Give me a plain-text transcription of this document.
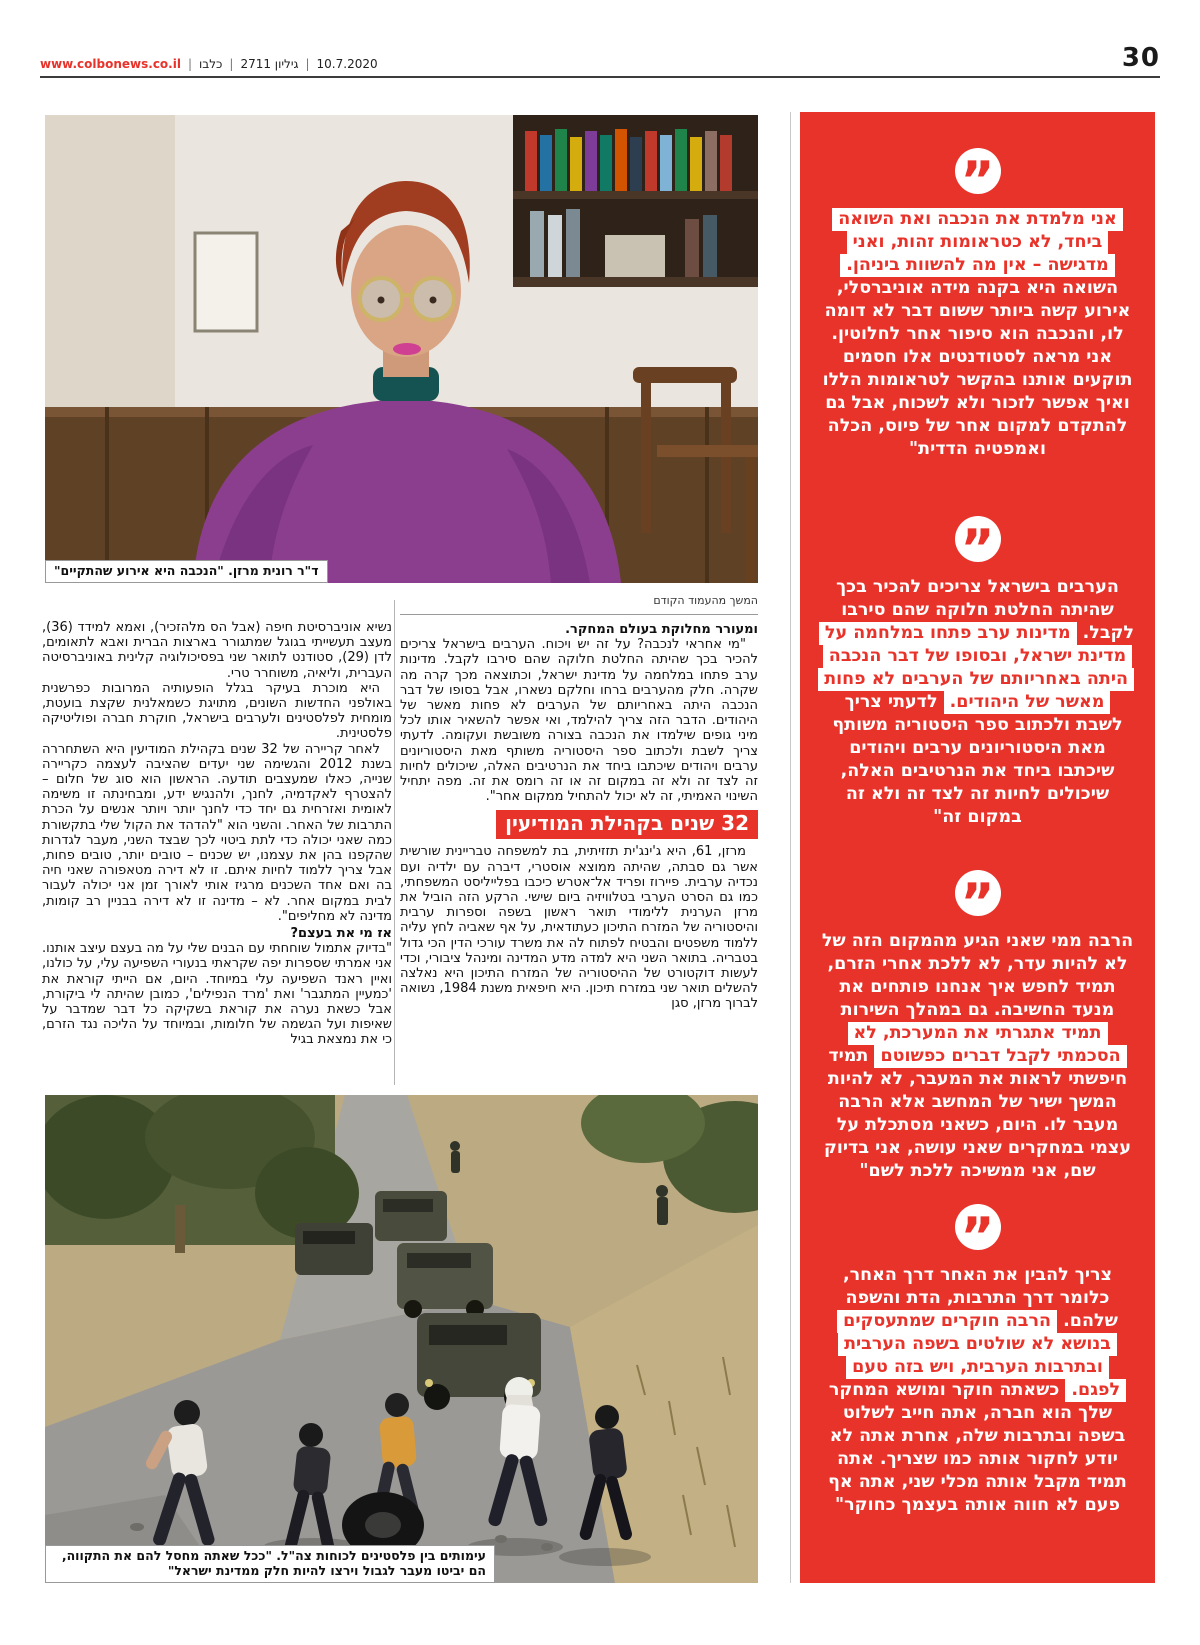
www.colbonews.co.il | כלבו | גיליון 2711 | 10.7.2020	30
ד"ר רונית מרזן. "הנכבה היא אירוע שהתקיים"
המשך מהעמוד הקודם

ומעורר מחלוקת בעולם המחקר.

"מי אחראי לנכבה? על זה יש ויכוח. הערבים בישראל צריכים להכיר בכך שהיתה החלטת חלוקה שהם סירבו לקבל. מדינות ערב פתחו במלחמה על מדינת ישראל, וכתוצאה מכך קרה מה שקרה. חלק מהערבים ברחו וחלקם נשארו, אבל בסופו של דבר הנכבה היתה באחריותם של הערבים לא פחות מאשר של היהודים. הדבר הזה צריך להילמד, ואי אפשר להשאיר אותו לכל מיני גופים שילמדו את הנכבה בצורה משובשת ועקומה. לדעתי צריך לשבת ולכתוב ספר היסטוריה משותף מאת היסטוריונים ערבים ויהודים שיכתבו ביחד את הנרטיבים האלה, שיכולים לחיות זה לצד זה ולא זה במקום זה או זה רומס את זה. מפה יתחיל השינוי האמיתי, זה לא יכול להתחיל ממקום אחר".

32 שנים בקהילת המודיעין

מרזן, 61, היא ג'ינג'ית תזזיתית, בת למשפחה טבריינית שורשית אשר גם סבתה, שהיתה ממוצא אוסטרי, דיברה עם ילדיה ועם נכדיה ערבית. פיירוז ופריד אל־אטרש כיכבו בפלייליסט המשפחתי, כמו גם הסרט הערבי בטלוויזיה ביום שישי. הרקע הזה הוביל את מרזן הערנית ללימודי תואר ראשון בשפה וספרות ערבית והיסטוריה של המזרח התיכון כעתודאית, על אף שאביה לחץ עליה ללמוד משפטים והבטיח לפתוח לה את משרד עורכי הדין הכי גדול בטבריה. בתואר השני היא למדה מדע המדינה ומינהל ציבורי, וכדי לעשות דוקטורט של ההיסטוריה של המזרח התיכון היא נאלצה להשלים תואר שני במזרח תיכון. היא חיפאית משנת 1984, נשואה לברוך מרזן, סגן

נשיא אוניברסיטת חיפה (אבל הס מלהזכיר), ואמא למידד (36), מעצב תעשייתי בגוגל שמתגורר בארצות הברית ואבא לתאומים, לדן (29), סטודנט לתואר שני בפסיכולוגיה קלינית באוניברסיטה העברית, וליאיה, משוחרר טרי.

היא מוכרת בעיקר בגלל הופעותיה המרובות כפרשנית באולפני החדשות השונים, מתויגת כשמאלנית שקצת בועטת, מומחית לפלסטינים ולערבים בישראל, חוקרת חברה ופוליטיקה פלסטינית.

לאחר קריירה של 32 שנים בקהילת המודיעין היא השתחררה בשנת 2012 והגשימה שני יעדים שהציבה לעצמה כקריירה שנייה, כאלו שמעצבים תודעה. הראשון הוא סוג של חלום – להצטרף לאקדמיה, לחנך, ולהנגיש ידע, ומבחינתה זו משימה לאומית ואזרחית גם יחד כדי לחנך יותר ויותר אנשים על הכרת התרבות של האחר. והשני הוא "להדהד את הקול שלי בתקשורת כמה שאני יכולה כדי לתת ביטוי לכך שבצד השני, מעבר לגדרות שהקפנו בהן את עצמנו, יש שכנים – טובים יותר, טובים פחות, אבל צריך ללמוד לחיות איתם. זו לא דירה מטאפורה שאני חיה בה ואם אחד השכנים מרגיז אותי לאורך זמן אני יכולה לעבור לבית במקום אחר. לא – מדינה זו לא דירה בבניין רב קומות, מדינה לא מחליפים".

אז מי את בעצם?

"בדיוק אתמול שוחחתי עם הבנים שלי על מה בעצם עיצב אותנו. אני אמרתי שספרות יפה שקראתי בנעורי השפיעה עלי, על כולנו, ואיין ראנד השפיעה עלי במיוחד. היום, אם הייתי קוראת את 'כמעיין המתגבר' ואת 'מרד הנפילים', כמובן שהיתה לי ביקורת, אבל כשאת נערה את קוראת בשקיקה כל דבר שמדבר על שאיפות ועל הגשמה של חלומות, ובמיוחד על הליכה נגד הזרם, כי את נמצאת בגיל

עימותים בין פלסטינים לכוחות צה"ל. "ככל שאתה מחסל להם את התקווה, הם יביטו מעבר לגבול וירצו להיות חלק ממדינת ישראל"
”

אני מלמדת את הנכבה ואת השואה ביחד, לא כטראומות זהות, ואני מדגישה – אין מה להשוות ביניהן. השואה היא בקנה מידה אוניברסלי, אירוע קשה ביותר ששום דבר לא דומה לו, והנכבה הוא סיפור אחר לחלוטין. אני מראה לסטודנטים אלו חסמים תוקעים אותנו בהקשר לטראומות הללו ואיך אפשר לזכור ולא לשכוח, אבל גם להתקדם למקום אחר של פיוס, הכלה ואמפטיה הדדית"

”

הערבים בישראל צריכים להכיר בכך שהיתה החלטת חלוקה שהם סירבו לקבל. מדינות ערב פתחו במלחמה על מדינת ישראל, ובסופו של דבר הנכבה היתה באחריותם של הערבים לא פחות מאשר של היהודים. לדעתי צריך לשבת ולכתוב ספר היסטוריה משותף מאת היסטוריונים ערבים ויהודים שיכתבו ביחד את הנרטיבים האלה, שיכולים לחיות זה לצד זה ולא זה במקום זה"

”

הרבה ממי שאני הגיע מהמקום הזה של לא להיות עדר, לא ללכת אחרי הזרם, תמיד לחפש איך אנחנו פותחים את מנעד החשיבה. גם במהלך השירות תמיד אתגרתי את המערכת, לא הסכמתי לקבל דברים כפשוטם תמיד חיפשתי לראות את המעבר, לא להיות המשך ישיר של המחשב אלא הרבה מעבר לו. היום, כשאני מסתכלת על עצמי במחקרים שאני עושה, אני בדיוק שם, אני ממשיכה ללכת לשם"

”

צריך להבין את האחר דרך האחר, כלומר דרך התרבות, הדת והשפה שלהם. הרבה חוקרים שמתעסקים בנושא לא שולטים בשפה הערבית ובתרבות הערבית, ויש בזה טעם לפגם. כשאתה חוקר ומושא המחקר שלך הוא חברה, אתה חייב לשלוט בשפה ובתרבות שלה, אחרת אתה לא יודע לחקור אותה כמו שצריך. אתה תמיד מקבל אותה מכלי שני, אתה אף פעם לא חווה אותה בעצמך כחוקר"
